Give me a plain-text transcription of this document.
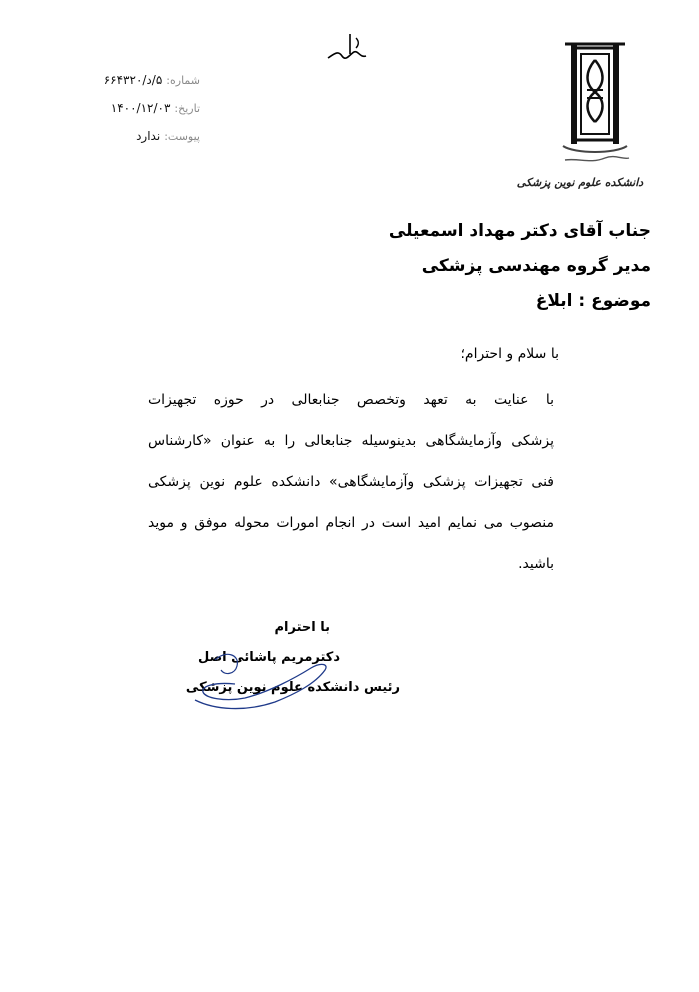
شماره:
۵/د/۶۶۴۳۲۰
تاریخ:
۱۴۰۰/۱۲/۰۳
پیوست:
ندارد
دانشکده علوم نوین پزشکی
جناب آقای دکتر مهداد اسمعیلی
مدیر گروه مهندسی پزشکی
موضوع : ابلاغ
با سلام و احترام؛
با عنایت به تعهد وتخصص جنابعالی در حوزه تجهیزات
پزشکی وآزمایشگاهی بدینوسیله جنابعالی را به عنوان «کارشناس
فنی تجهیزات پزشکی وآزمایشگاهی» دانشکده علوم نوین پزشکی
منصوب می نمایم امید است در انجام امورات محوله موفق و موید
باشید.
با احترام
دکترمریم پاشائی اصل
رئیس دانشکده علوم نوین پزشکی
